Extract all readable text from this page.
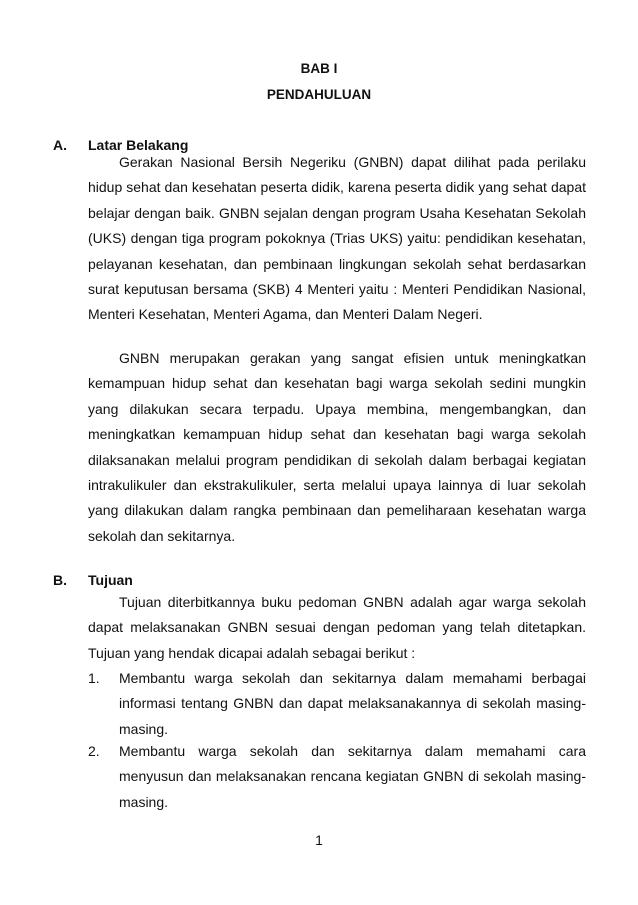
BAB I
PENDAHULUAN
A. Latar Belakang

Gerakan Nasional Bersih Negeriku (GNBN) dapat dilihat pada perilaku hidup sehat dan kesehatan peserta didik, karena peserta didik yang sehat dapat belajar dengan baik. GNBN sejalan dengan program Usaha Kesehatan Sekolah (UKS) dengan tiga program pokoknya (Trias UKS) yaitu: pendidikan kesehatan, pelayanan kesehatan, dan pembinaan lingkungan sekolah sehat berdasarkan surat keputusan bersama (SKB) 4 Menteri yaitu : Menteri Pendidikan Nasional, Menteri Kesehatan, Menteri Agama, dan Menteri Dalam Negeri.

GNBN merupakan gerakan yang sangat efisien untuk meningkatkan kemampuan hidup sehat dan kesehatan bagi warga sekolah sedini mungkin yang dilakukan secara terpadu. Upaya membina, mengembangkan, dan meningkatkan kemampuan hidup sehat dan kesehatan bagi warga sekolah dilaksanakan melalui program pendidikan di sekolah dalam berbagai kegiatan intrakulikuler dan ekstrakulikuler, serta melalui upaya lainnya di luar sekolah yang dilakukan dalam rangka pembinaan dan pemeliharaan kesehatan warga sekolah dan sekitarnya.

B. Tujuan

Tujuan diterbitkannya buku pedoman GNBN adalah agar warga sekolah dapat melaksanakan GNBN sesuai dengan pedoman yang telah ditetapkan. Tujuan yang hendak dicapai adalah sebagai berikut :

1. Membantu warga sekolah dan sekitarnya dalam memahami berbagai informasi tentang GNBN dan dapat melaksanakannya di sekolah masing-masing.

2. Membantu warga sekolah dan sekitarnya dalam memahami cara menyusun dan melaksanakan rencana kegiatan GNBN di sekolah masing-masing.

1
